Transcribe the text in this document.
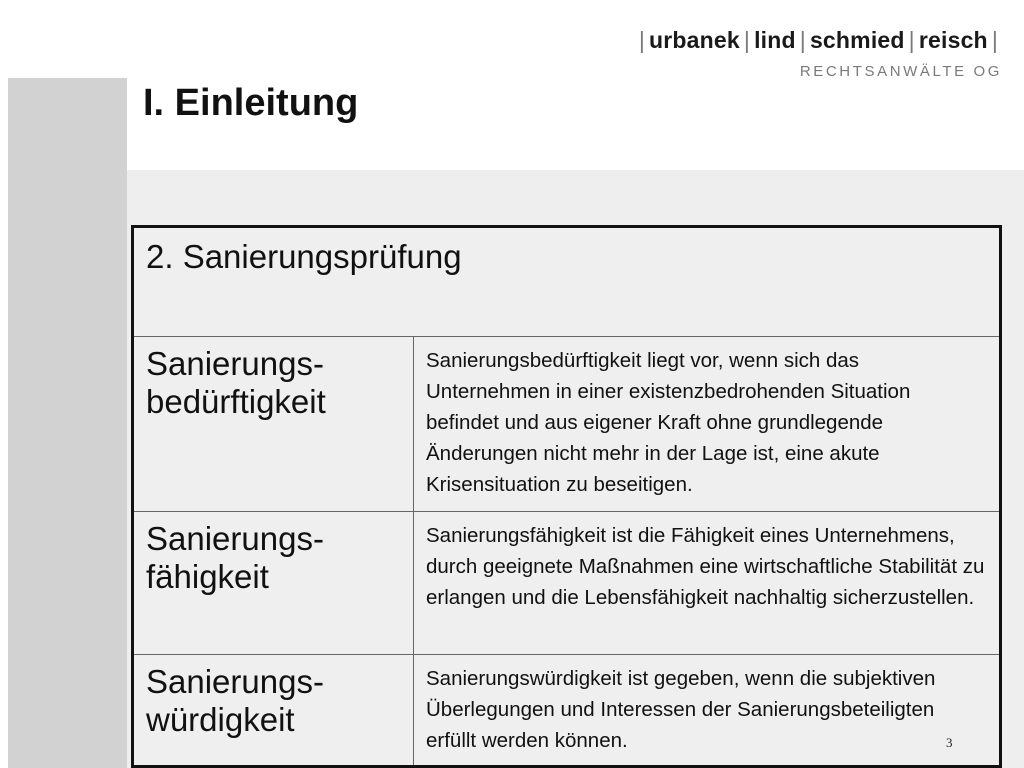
| urbanek | lind | schmied | reisch |
RECHTSANWÄLTE OG
I. Einleitung
2. Sanierungsprüfung	

Sanierungs-
bedürftigkeit	Sanierungsbedürftigkeit liegt vor, wenn sich das Unternehmen in einer existenzbedrohenden Situation befindet und aus eigener Kraft ohne grundlegende Änderungen nicht mehr in der Lage ist, eine akute Krisensituation zu beseitigen.

Sanierungs-
fähigkeit	Sanierungsfähigkeit ist die Fähigkeit eines Unternehmens, durch geeignete Maßnahmen eine wirtschaftliche Stabilität zu erlangen und die Lebensfähigkeit nachhaltig sicherzustellen.

Sanierungs-
würdigkeit	Sanierungswürdigkeit ist gegeben, wenn die subjektiven Überlegungen und Interessen der Sanierungsbeteiligten erfüllt werden können.	3
